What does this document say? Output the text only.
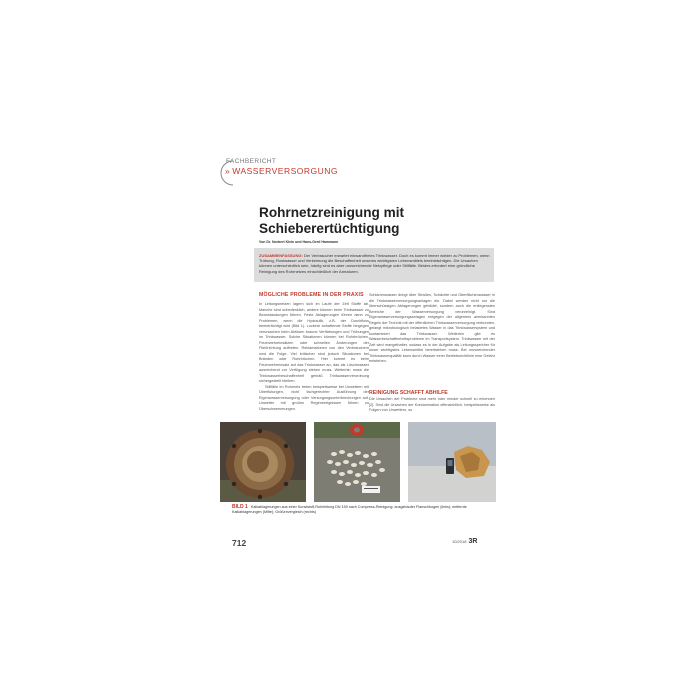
FACHBERICHT
» WASSERVERSORGUNG
Rohrnetzreinigung mit Schieberertüchtigung
Von Dr. Norbert Klein und Hans-Gerd Hammann
ZUSAMMENFASSUNG: Der Verbraucher erwartet einwandfreies Trinkwasser. Doch es kommt immer wieder zu Problemen, wenn Trübung, Rostwasser und Verkeimung die Beschaffenheit unseres wichtigsten Lebensmittels beeinträchtigen. Die Ursachen können unterschiedlich sein, häufig sind es aber unzureichende Netzpflege oder Stillfälle. Beides erfordert eine gründliche Reinigung des Rohrnetzes einschließlich der Armaturen.
MÖGLICHE PROBLEME IN DER PRAXIS

In Leitungsnetzen lagern sich im Laufe der Zeit Stoffe ab. Manche sind unbedenklich, andere können beim Trinkwasser zu Beanstandungen führen. Feste Ablagerungen führen dann zu Problemen, wenn die Hydraulik, z.B. der Durchfluss beeinträchtigt wird (Bild 1). Lockere anhaftende Stoffe hingegen verursachen beim Ablösen braune Verfärbungen und Trübungen im Trinkwasser. Solche Situationen können bei Rohrbrüchen, Feuerwehreinsätzen oder schnellen Änderungen der Fließrichtung auftreten. Reklamationen von den Verbrauchern sind die Folge. Viel kritischer sind jedoch Situationen bei Bränden oder Rohrbrüchen. Hier kommt es beim Feuerwehreinsatz auf das Trinkwasser an, das als Löschwasser ausreichend zur Verfügung stehen muss. Weiterhin muss die Trinkwasserbeschaffenheit gemäß Trinkwasserverordnung sichergestellt bleiben.

Stillfälle im Rohrnetz treten beispielsweise bei Unwettern mit Überflutungen, nicht fachgerechter Ausführung der Eigenwasserversorgung oder Versorgungsunterbrechungen auf. Unwetter mit großen Regenereignissen führen zu Überschwemmungen.

Schlammwasser dringt über Straßen, Schächte und Oberflächenwasser in die Trinkwasserversorgungsanlagen ein. Dabei werden nicht nur die überschüssigen Ablagerungen gebildet, sondern auch die entlegensten Bereiche der Wasserversorgung verunreinigt. Sind Eigenwasserversorgungsanlagen entgegen der allgemein anerkannten Regeln der Technik mit der öffentlichen Trinkwasserversorgung verbunden, gelangt mikrobiologisch belastetes Wasser in das Trinkwassersystem und kontaminiert das Trinkwasser. Weiterhin gibt es Wasserbeschaffenheitsprobleme im Transportsystem. Trinkwasser mit der Zeit wird mangelhafter, sodass es in der Aufgabe als Leitungsspeicher für unser wichtigstes Lebensmittel bereitstehen muss. Bei unzureichender Trinkwasserqualität kann durch Wasser einer Betriebsrichtlinie eine Gefahr entstehen.

REINIGUNG SCHAFFT ABHILFE

Die Ursachen der Probleme sind mehr oder minder schnell zu erkennen [2]. Sind die Ursachen der Kontamination offensichtlich, beispielsweise als Folgen von Unwettern, so

BILD 1 Kalkablagerungen aus einer Kunststoff-Rohrleitung DN 150 nach Compress-Reinigung: ausgebauter Flanschbogen (links); entfernte Kalkablagerungen (Mitte); Größenvergleich (rechts)
712	10/2018 3R
